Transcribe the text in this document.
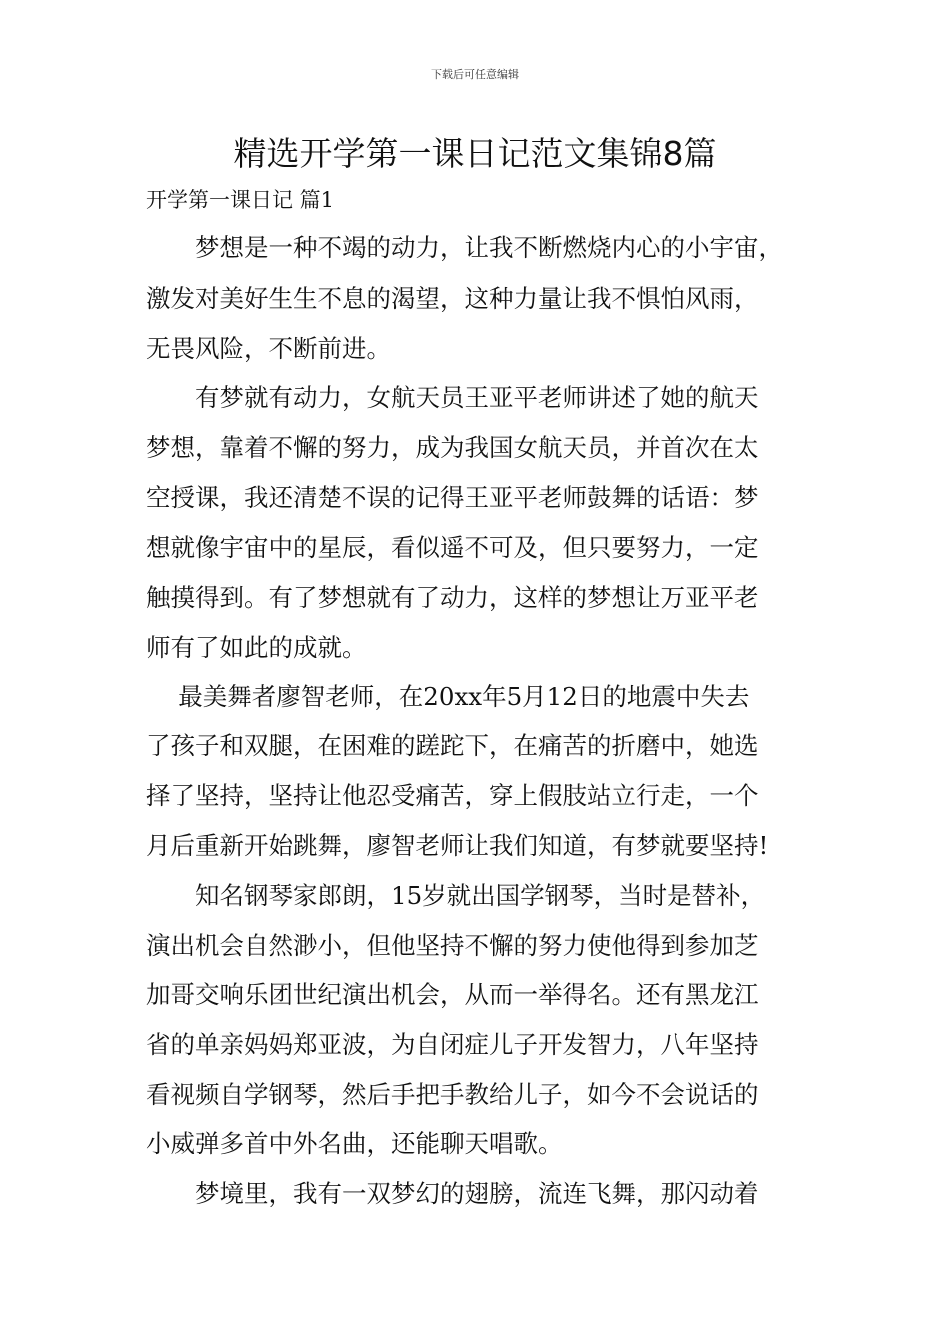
下载后可任意编辑
精选开学第一课日记范文集锦8篇
开学第一课日记 篇1
　　梦想是一种不竭的动力，让我不断燃烧内心的小宇宙，
激发对美好生生不息的渴望，这种力量让我不惧怕风雨，
无畏风险，不断前进。
　　有梦就有动力，女航天员王亚平老师讲述了她的航天
梦想，靠着不懈的努力，成为我国女航天员，并首次在太
空授课，我还清楚不误的记得王亚平老师鼓舞的话语：梦
想就像宇宙中的星辰，看似遥不可及，但只要努力，一定
触摸得到。有了梦想就有了动力，这样的梦想让万亚平老
师有了如此的成就。
　 最美舞者廖智老师，在20xx年5月12日的地震中失去
了孩子和双腿，在困难的蹉跎下，在痛苦的折磨中，她选
择了坚持，坚持让他忍受痛苦，穿上假肢站立行走，一个
月后重新开始跳舞，廖智老师让我们知道，有梦就要坚持!
　　知名钢琴家郎朗，15岁就出国学钢琴，当时是替补，
演出机会自然渺小，但他坚持不懈的努力使他得到参加芝
加哥交响乐团世纪演出机会，从而一举得名。还有黑龙江
省的单亲妈妈郑亚波，为自闭症儿子开发智力，八年坚持
看视频自学钢琴，然后手把手教给儿子，如今不会说话的
小威弹多首中外名曲，还能聊天唱歌。
　　梦境里，我有一双梦幻的翅膀，流连飞舞，那闪动着
